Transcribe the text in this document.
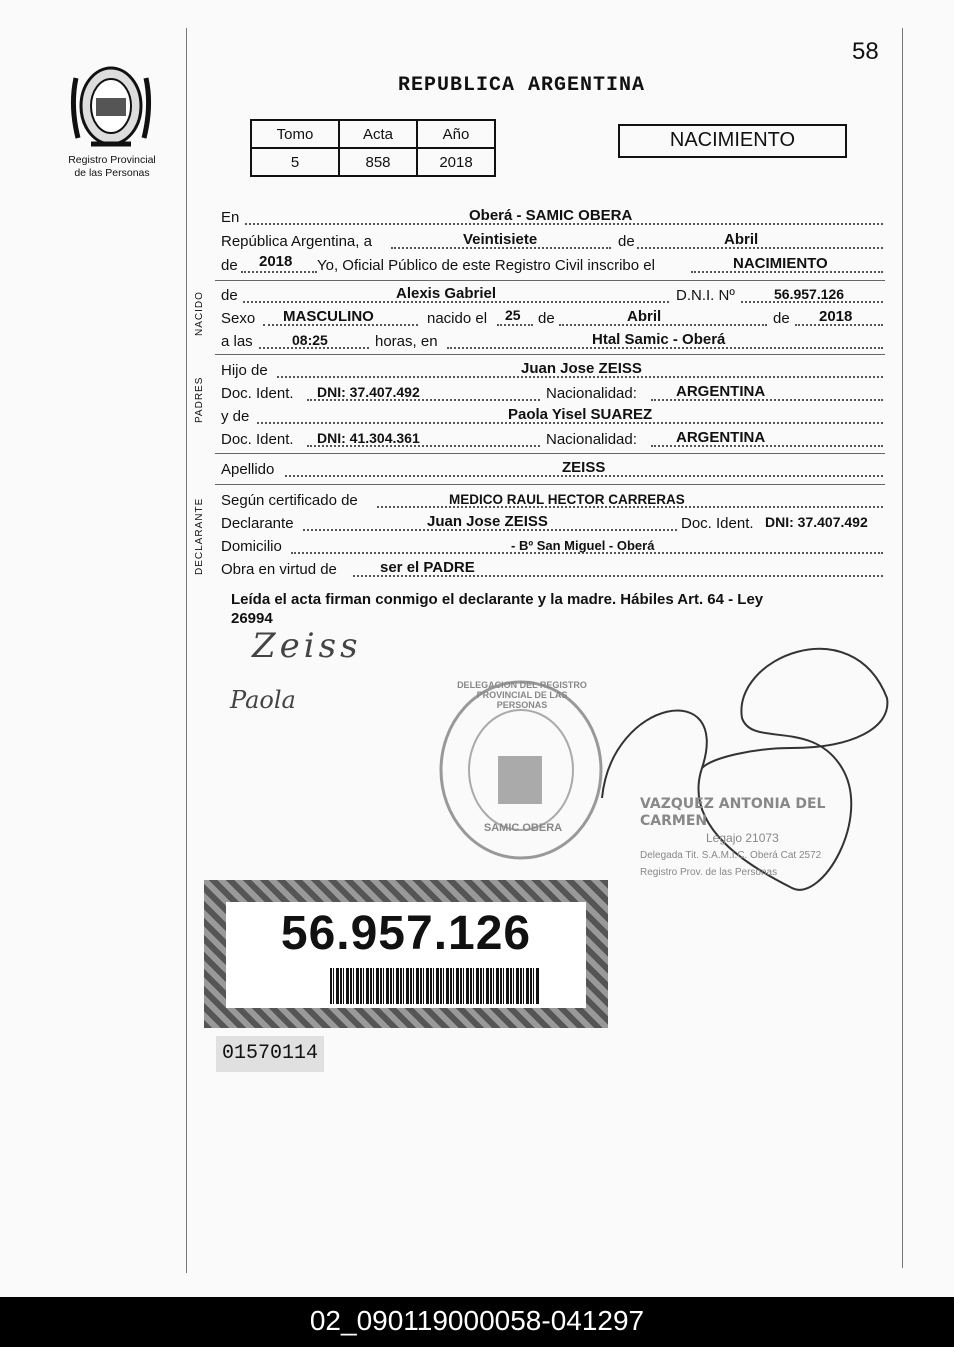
58
Registro Provincial
de las Personas
REPUBLICA ARGENTINA
Tomo	Acta	Año
5	858	2018
NACIMIENTO
En	Oberá - SAMIC OBERA
República Argentina, a	Veintisiete	de	Abril
de 2018 Yo, Oficial Público de este Registro Civil inscribo el	NACIMIENTO
NACIDO de	Alexis Gabriel	D.N.I. Nº	56.957.126
Sexo MASCULINO	nacido el 25 de	Abril	de 2018
a las	08:25	horas, en	Htal Samic - Oberá
PADRES
Hijo de	Juan Jose ZEISS
Doc. Ident. DNI: 37.407.492	Nacionalidad:	ARGENTINA
y de	Paola Yisel SUAREZ
Doc. Ident. DNI: 41.304.361	Nacionalidad:	ARGENTINA
Apellido	ZEISS
DECLARANTE Según certificado de	MEDICO RAUL HECTOR CARRERAS
Declarante	Juan Jose ZEISS	Doc. Ident. DNI: 37.407.492
Domicilio	- Bº San Miguel - Oberá
Obra en virtud de	ser el PADRE
Leída el acta firman conmigo el declarante y la madre. Hábiles Art. 64 - Ley
26994
Zeiss
Paola
DELEGACION DEL REGISTRO PROVINCIAL DE LAS PERSONAS
SAMIC OBERA
VAZQUEZ ANTONIA DEL CARMEN
Legajo 21073
Delegada Tit. S.A.M.I.C. Oberá Cat 2572
Registro Prov. de las Personas
56.957.126
01570114
02_090119000058-041297
